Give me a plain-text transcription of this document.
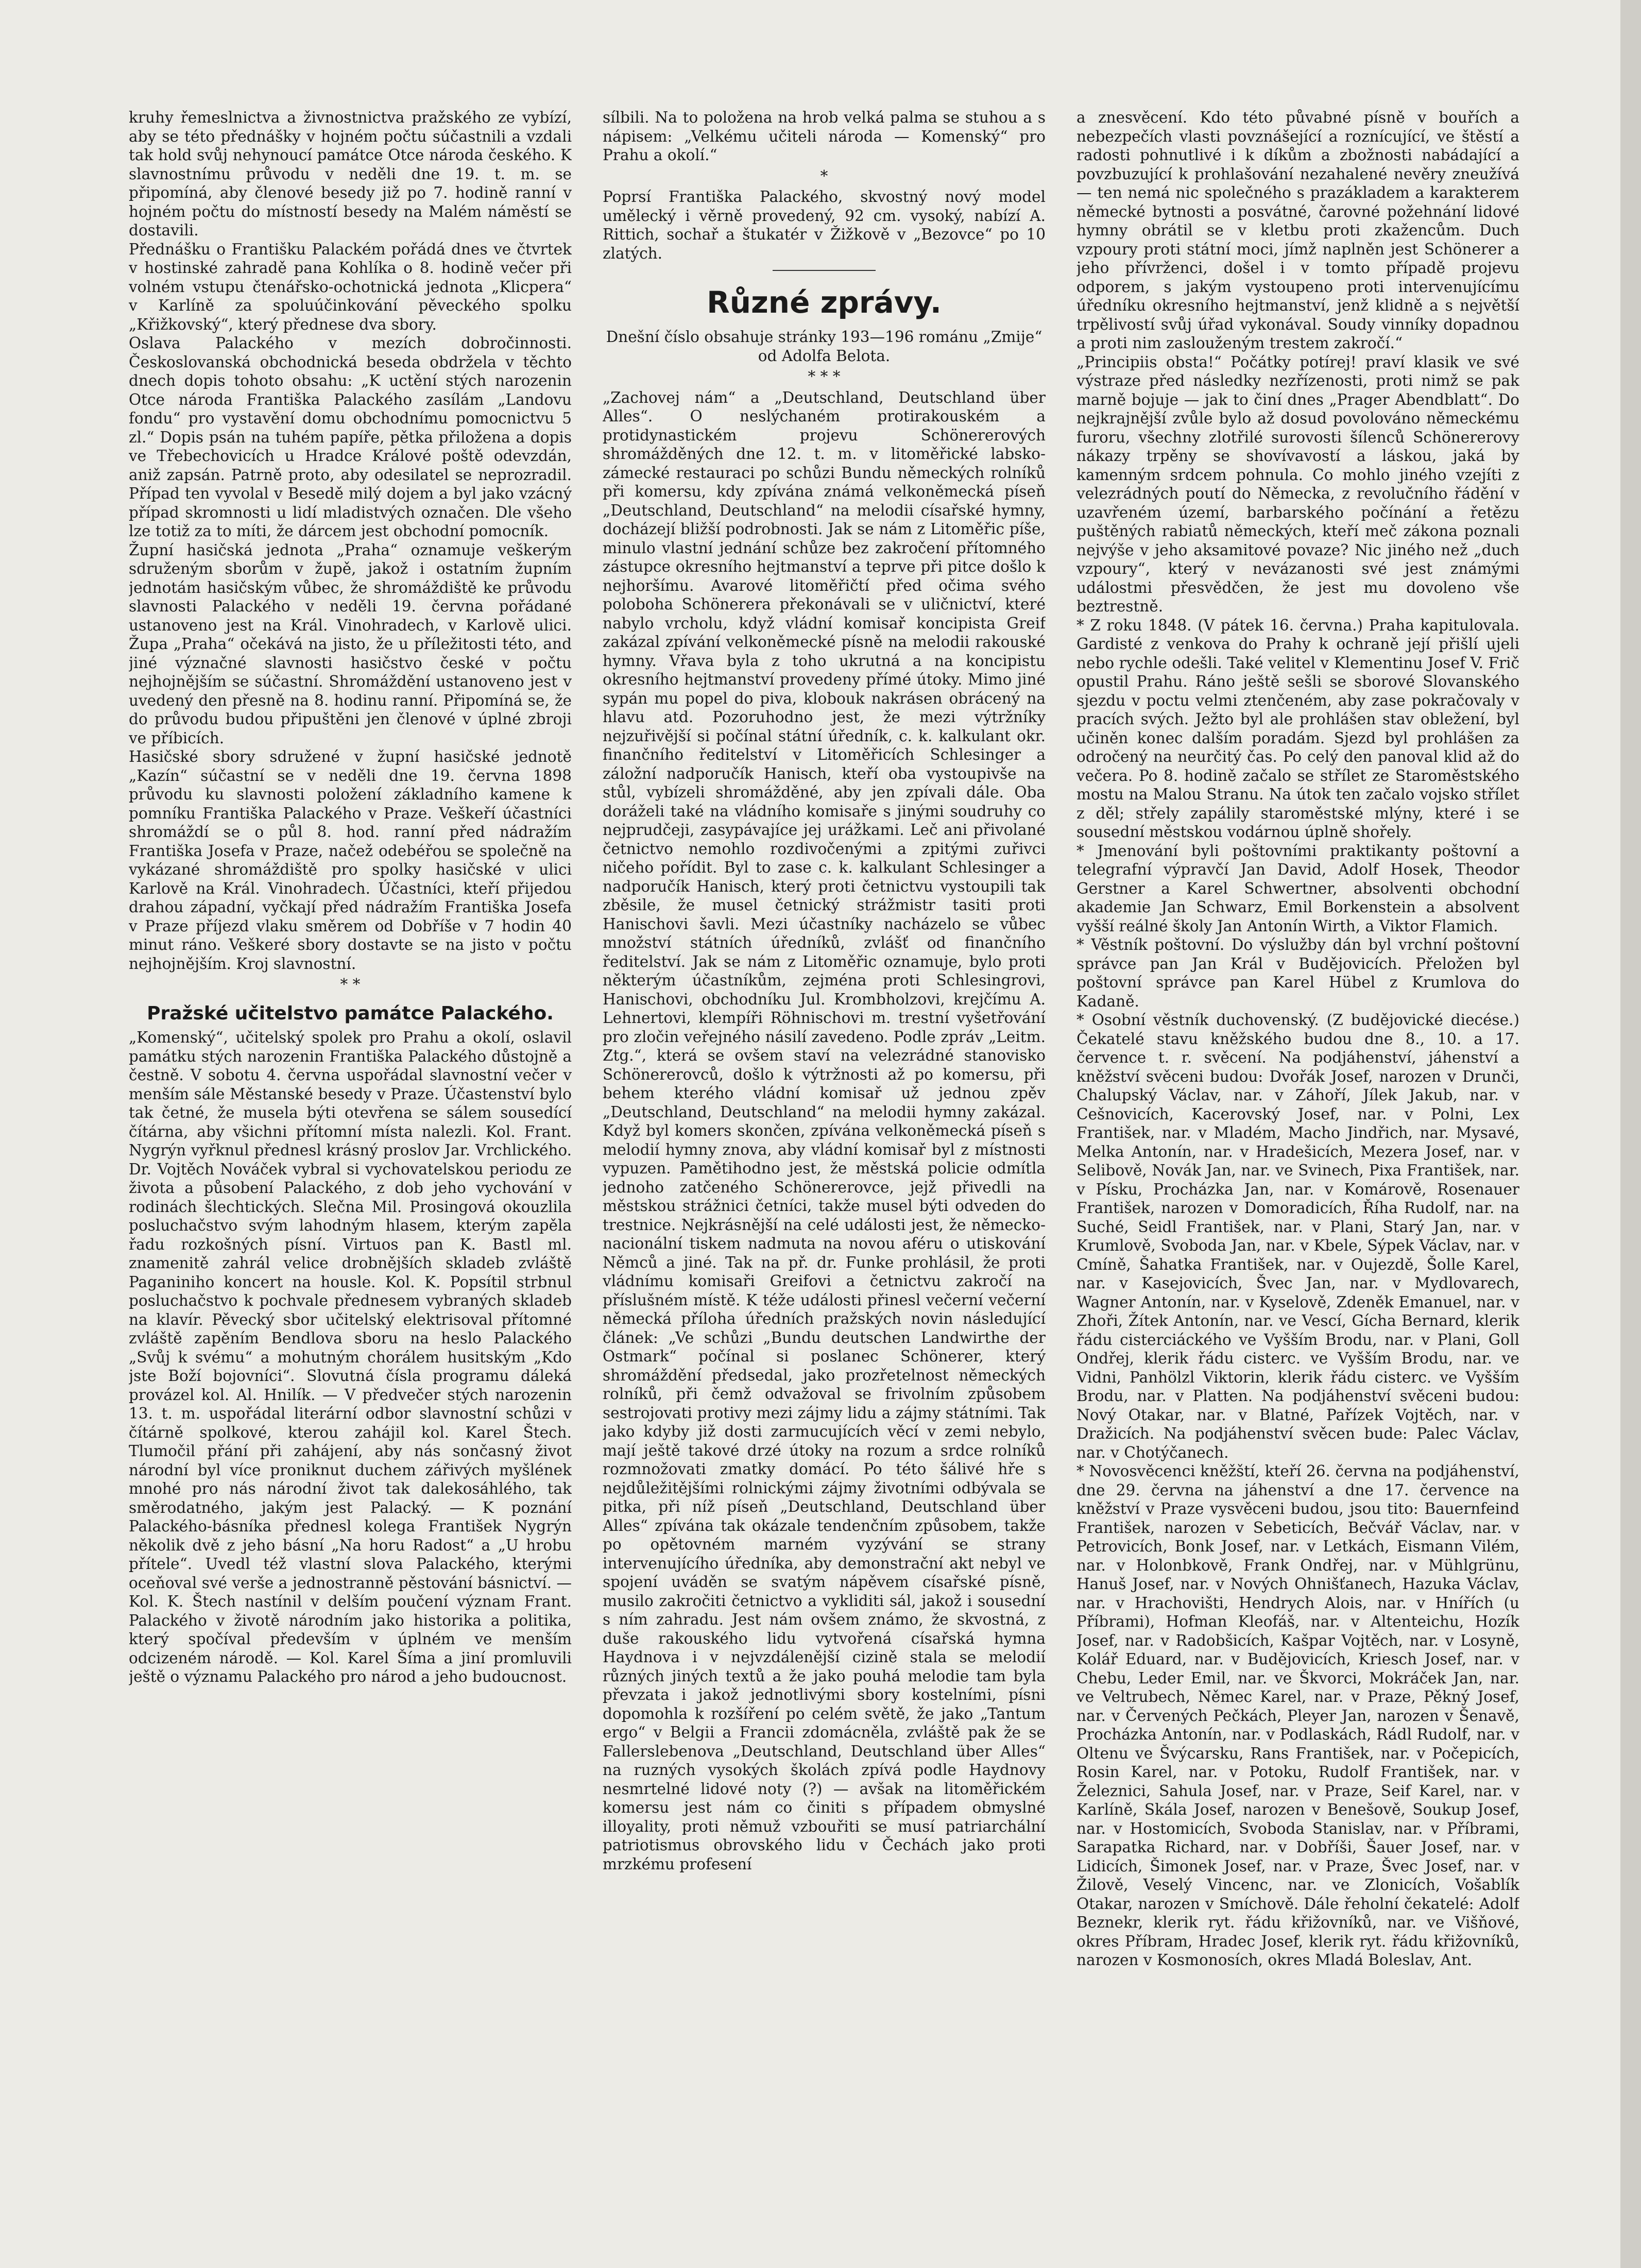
kruhy řemeslnictva a živnostnictva pražského ze vybízí, aby se této přednášky v hojném počtu súčastnili a vzdali tak hold svůj nehynoucí památce Otce národa českého. K slavnostnímu průvodu v neděli dne 19. t. m. se připomíná, aby členové besedy již po 7. hodině ranní v hojném počtu do místností besedy na Malém náměstí se dostavili.

Přednášku o Františku Palackém pořádá dnes ve čtvrtek v hostinské zahradě pana Kohlíka o 8. hodině večer při volném vstupu čtenářsko-ochotnická jednota „Klicpera“ v Karlíně za spoluúčinkování pěveckého spolku „Křižkovský“, který přednese dva sbory.

Oslava Palackého v mezích dobročinnosti. Českoslovanská obchodnická beseda obdržela v těchto dnech dopis tohoto obsahu: „K uctění stých narozenin Otce národa Františka Palackého zasílám „Landovu fondu“ pro vystavění domu obchodnímu pomocnictvu 5 zl.“ Dopis psán na tuhém papíře, pětka přiložena a dopis ve Třebechovicích u Hradce Králové poště odevzdán, aniž zapsán. Patrně proto, aby odesilatel se neprozradil. Případ ten vyvolal v Besedě milý dojem a byl jako vzácný případ skromnosti u lidí mladistvých označen. Dle všeho lze totiž za to míti, že dárcem jest obchodní pomocník.

Župní hasičská jednota „Praha“ oznamuje veškerým sdruženým sborům v župě, jakož i ostatním župním jednotám hasičským vůbec, že shromáždiště ke průvodu slavnosti Palackého v neděli 19. června pořádané ustanoveno jest na Král. Vinohradech, v Karlově ulici. Župa „Praha“ očekává na jisto, že u příležitosti této, and jiné význačné slavnosti hasičstvo české v počtu nejhojnějším se súčastní. Shromáždění ustanoveno jest v uvedený den přesně na 8. hodinu ranní. Připomíná se, že do průvodu budou připuštěni jen členové v úplné zbroji ve příbicích.

Hasičské sbory sdružené v župní hasičské jednotě „Kazín“ súčastní se v neděli dne 19. června 1898 průvodu ku slavnosti položení základního kamene k pomníku Františka Palackého v Praze. Veškeří účastníci shromáždí se o půl 8. hod. ranní před nádražím Františka Josefa v Praze, načež odebéřou se společně na vykázané shromáždiště pro spolky hasičské v ulici Karlově na Král. Vinohradech. Účastníci, kteří přijedou drahou západní, vyčkají před nádražím Františka Josefa v Praze příjezd vlaku směrem od Dobříše v 7 hodin 40 minut ráno. Veškeré sbory dostavte se na jisto v počtu nejhojnějším. Kroj slavnostní.

* *
Pražské učitelstvo památce Palackého.

„Komenský“, učitelský spolek pro Prahu a okolí, oslavil památku stých narozenin Františka Palackého důstojně a čestně. V sobotu 4. června uspořádal slavnostní večer v menším sále Městanské besedy v Praze. Účastenství bylo tak četné, že musela býti otevřena se sálem sousedící čítárna, aby všichni přítomní místa nalezli. Kol. Frant. Nygrýn vyřknul přednesl krásný proslov Jar. Vrchlického. Dr. Vojtěch Nováček vybral si vychovatelskou periodu ze života a působení Palackého, z dob jeho vychování v rodinách šlechtických. Slečna Mil. Prosingová okouzlila posluchačstvo svým lahodným hlasem, kterým zapěla řadu rozkošných písní. Virtuos pan K. Bastl ml. znamenitě zahrál velice drobnějších skladeb zvláště Paganiniho koncert na housle. Kol. K. Popsítil strbnul posluchačstvo k pochvale přednesem vybraných skladeb na klavír. Pěvecký sbor učitelský elektrisoval přítomné zvláště zapěním Bendlova sboru na heslo Palackého „Svůj k svému“ a mohutným chorálem husitským „Kdo jste Boží bojovníci“. Slovutná čísla programu dáleká provázel kol. Al. Hnilík. — V předvečer stých narozenin 13. t. m. uspořádal literární odbor slavnostní schůzi v čítárně spolkové, kterou zahájil kol. Karel Štech. Tlumočil přání při zahájení, aby nás sončasný život národní byl více proniknut duchem zářivých myšlének mnohé pro nás národní život tak dalekosáhlého, tak směrodatného, jakým jest Palacký. — K poznání Palackého-básníka přednesl kolega František Nygrýn několik dvě z jeho básní „Na horu Radost“ a „U hrobu přítele“. Uvedl též vlastní slova Palackého, kterými oceňoval své verše a jednostranně pěstování básnictví. — Kol. K. Štech nastínil v delším poučení význam Frant. Palackého v životě národním jako historika a politika, který spočíval především v úplném ve menším odcizeném národě. — Kol. Karel Šíma a jiní promluvili ještě o významu Palackého pro národ a jeho budoucnost.

sílbili. Na to položena na hrob velká palma se stuhou a s nápisem: „Velkému učiteli národa — Komenský“ pro Prahu a okolí.“

*

Poprsí Františka Palackého, skvostný nový model umělecký i věrně provedený, 92 cm. vysoký, nabízí A. Rittich, sochař a štukatér v Žižkově v „Bezovce“ po 10 zlatých.

Různé zprávy.

Dnešní číslo obsahuje stránky 193—196 románu „Zmije“ od Adolfa Belota.

* * *

„Zachovej nám“ a „Deutschland, Deutschland über Alles“. O neslýchaném protirakouském a protidynastickém projevu Schönererových shromážděných dne 12. t. m. v litoměřické labsko-zámecké restauraci po schůzi Bundu německých rolníků při komersu, kdy zpívána známá velkoněmecká píseň „Deutschland, Deutschland“ na melodii císařské hymny, docházejí bližší podrobnosti. Jak se nám z Litoměřic píše, minulo vlastní jednání schůze bez zakročení přítomného zástupce okresního hejtmanství a teprve při pitce došlo k nejhoršímu. Avarové litoměřičtí před očima svého poloboha Schönerera překonávali se v uličnictví, které nabylo vrcholu, když vládní komisař koncipista Greif zakázal zpívání velkoněmecké písně na melodii rakouské hymny. Vřava byla z toho ukrutná a na koncipistu okresního hejtmanství provedeny přímé útoky. Mimo jiné sypán mu popel do piva, klobouk nakrásen obrácený na hlavu atd. Pozoruhodno jest, že mezi výtržníky nejzuřivější si počínal státní úředník, c. k. kalkulant okr. finančního ředitelství v Litoměřicích Schlesinger a záložní nadporučík Hanisch, kteří oba vystoupivše na stůl, vybízeli shromážděné, aby jen zpívali dále. Oba doráželi také na vládního komisaře s jinými soudruhy co nejprudčeji, zasypávajíce jej urážkami. Leč ani přivolané četnictvo nemohlo rozdivočenými a zpitými zuřivci ničeho pořídit. Byl to zase c. k. kalkulant Schlesinger a nadporučík Hanisch, který proti četnictvu vystoupili tak zběsile, že musel četnický strážmistr tasiti proti Hanischovi šavli. Mezi účastníky nacházelo se vůbec množství státních úředníků, zvlášť od finančního ředitelství. Jak se nám z Litoměřic oznamuje, bylo proti některým účastníkům, zejména proti Schlesingrovi, Hanischovi, obchodníku Jul. Krombholzovi, krejčímu A. Lehnertovi, klempíři Röhnischovi m. trestní vyšetřování pro zločin veřejného násilí zavedeno. Podle zpráv „Leitm. Ztg.“, která se ovšem staví na velezrádné stanovisko Schönererovců, došlo k výtržnosti až po komersu, při behem kterého vládní komisař už jednou zpěv „Deutschland, Deutschland“ na melodii hymny zakázal. Když byl komers skončen, zpívána velkoněmecká píseň s melodií hymny znova, aby vládní komisař byl z místnosti vypuzen. Pamětihodno jest, že městská policie odmítla jednoho zatčeného Schönererovce, jejž přivedli na městskou strážnici četníci, takže musel býti odveden do trestnice. Nejkrásnější na celé události jest, že německo-nacionální tiskem nadmuta na novou aféru o utiskování Němců a jiné. Tak na př. dr. Funke prohlásil, že proti vládnímu komisaři Greifovi a četnictvu zakročí na příslušném místě. K téže události přinesl večerní večerní německá příloha úředních pražských novin následující článek: „Ve schůzi „Bundu deutschen Landwirthe der Ostmark“ počínal si poslanec Schönerer, který shromáždění předsedal, jako prozřetelnost německých rolníků, při čemž odvažoval se frivolním způsobem sestrojovati protivy mezi zájmy lidu a zájmy státními. Tak jako kdyby již dosti zarmucujících věcí v zemi nebylo, mají ještě takové drzé útoky na rozum a srdce rolníků rozmnožovati zmatky domácí. Po této šálivé hře s nejdůležitějšími rolnickými zájmy životními odbývala se pitka, při níž píseň „Deutschland, Deutschland über Alles“ zpívána tak okázale tendenčním způsobem, takže po opětovném marném vyzývání se strany intervenujícího úředníka, aby demonstrační akt nebyl ve spojení uváděn se svatým nápěvem císařské písně, musilo zakročiti četnictvo a vykliditi sál, jakož i sousední s ním zahradu. Jest nám ovšem známo, že skvostná, z duše rakouského lidu vytvořená císařská hymna Haydnova i v nejvzdálenější cizině stala se melodií různých jiných textů a že jako pouhá melodie tam byla převzata i jakož jednotlivými sbory kostelními, písni dopomohla k rozšíření po celém světě, že jako „Tantum ergo“ v Belgii a Francii zdomácněla, zvláště pak že se Fallerslebenova „Deutschland, Deutschland über Alles“ na ruzných vysokých školách zpívá podle Haydnovy nesmrtelné lidové noty (?) — avšak na litoměřickém komersu jest nám co činiti s případem obmyslné illoyality, proti němuž vzbouřiti se musí patriarchální patriotismus obrovského lidu v Čechách jako proti mrzkému profesení

a znesvěcení. Kdo této půvabné písně v bouřích a nebezpečích vlasti povznášející a roznícující, ve štěstí a radosti pohnutlivé i k díkům a zbožnosti nabádající a povzbuzující k prohlašování nezahalené nevěry zneužívá — ten nemá nic společného s prazákladem a karakterem německé bytnosti a posvátné, čarovné požehnání lidové hymny obrátil se v kletbu proti zkažencům. Duch vzpoury proti státní moci, jímž naplněn jest Schönerer a jeho přívrženci, došel i v tomto případě projevu odporem, s jakým vystoupeno proti intervenujícímu úředníku okresního hejtmanství, jenž klidně a s největší trpělivostí svůj úřad vykonával. Soudy vinníky dopadnou a proti nim zaslouženým trestem zakročí.“

„Principiis obsta!“ Počátky potírej! praví klasik ve své výstraze před následky nezřízenosti, proti nimž se pak marně bojuje — jak to činí dnes „Prager Abendblatt“. Do nejkrajnější zvůle bylo až dosud povolováno německému furoru, všechny zlotřilé surovosti šílenců Schönererovy nákazy trpěny se shovívavostí a láskou, jaká by kamenným srdcem pohnula. Co mohlo jiného vzejíti z velezrádných poutí do Německa, z revolučního řádění v uzavřeném území, barbarského počínání a řetězu puštěných rabiatů německých, kteří meč zákona poznali nejvýše v jeho aksamitové povaze? Nic jiného než „duch vzpoury“, který v nevázanosti své jest známými událostmi přesvědčen, že jest mu dovoleno vše beztrestně.

* Z roku 1848. (V pátek 16. června.) Praha kapitulovala. Gardisté z venkova do Prahy k ochraně její přišlí ujeli nebo rychle odešli. Také velitel v Klementinu Josef V. Frič opustil Prahu. Ráno ještě sešli se sborové Slovanského sjezdu v poctu velmi ztenčeném, aby zase pokračovaly v pracích svých. Ježto byl ale prohlášen stav obležení, byl učiněn konec dalším poradám. Sjezd byl prohlášen za odročený na neurčitý čas. Po celý den panoval klid až do večera. Po 8. hodině začalo se střílet ze Staroměstského mostu na Malou Stranu. Na útok ten začalo vojsko střílet z děl; střely zapálily staroměstské mlýny, které i se sousední městskou vodárnou úplně shořely.

* Jmenování byli poštovními praktikanty poštovní a telegrafní výpravčí Jan David, Adolf Hosek, Theodor Gerstner a Karel Schwertner, absolventi obchodní akademie Jan Schwarz, Emil Borkenstein a absolvent vyšší reálné školy Jan Antonín Wirth, a Viktor Flamich.

* Věstník poštovní. Do výslužby dán byl vrchní poštovní správce pan Jan Král v Budějovicích. Přeložen byl poštovní správce pan Karel Hübel z Krumlova do Kadaně.

* Osobní věstník duchovenský. (Z budějovické diecése.) Čekatelé stavu kněžského budou dne 8., 10. a 17. července t. r. svěcení. Na podjáhenství, jáhenství a kněžství svěceni budou: Dvořák Josef, narozen v Drunči, Chalupský Václav, nar. v Záhoří, Jílek Jakub, nar. v Cešnovicích, Kacerovský Josef, nar. v Polni, Lex František, nar. v Mladém, Macho Jindřich, nar. Mysavé, Melka Antonín, nar. v Hradešicích, Mezera Josef, nar. v Selibově, Novák Jan, nar. ve Svinech, Pixa František, nar. v Písku, Procházka Jan, nar. v Komárově, Rosenauer František, narozen v Domoradicích, Říha Rudolf, nar. na Suché, Seidl František, nar. v Plani, Starý Jan, nar. v Krumlově, Svoboda Jan, nar. v Kbele, Sýpek Václav, nar. v Cmíně, Šahatka František, nar. v Oujezdě, Šolle Karel, nar. v Kasejovicích, Švec Jan, nar. v Mydlovarech, Wagner Antonín, nar. v Kyselově, Zdeněk Emanuel, nar. v Zhoři, Žítek Antonín, nar. ve Vescí, Gícha Bernard, klerik řádu cisterciáckého ve Vyšším Brodu, nar. v Plani, Goll Ondřej, klerik řádu cisterc. ve Vyšším Brodu, nar. ve Vidni, Panhölzl Viktorin, klerik řádu cisterc. ve Vyšším Brodu, nar. v Platten. Na podjáhenství svěceni budou: Nový Otakar, nar. v Blatné, Pařízek Vojtěch, nar. v Dražicích. Na podjáhenství svěcen bude: Palec Václav, nar. v Chotýčanech.

* Novosvěcenci kněžští, kteří 26. června na podjáhenství, dne 29. června na jáhenství a dne 17. července na kněžství v Praze vysvěceni budou, jsou tito: Bauernfeind František, narozen v Sebeticích, Bečvář Václav, nar. v Petrovicích, Bonk Josef, nar. v Letkách, Eismann Vilém, nar. v Holonbkově, Frank Ondřej, nar. v Mühlgrünu, Hanuš Josef, nar. v Nových Ohnišťanech, Hazuka Václav, nar. v Hrachovišti, Hendrych Alois, nar. v Hnířích (u Příbrami), Hofman Kleofáš, nar. v Altenteichu, Hozík Josef, nar. v Radobšicích, Kašpar Vojtěch, nar. v Losyně, Kolář Eduard, nar. v Budějovicích, Kriesch Josef, nar. v Chebu, Leder Emil, nar. ve Škvorci, Mokráček Jan, nar. ve Veltrubech, Němec Karel, nar. v Praze, Pěkný Josef, nar. v Červených Pečkách, Pleyer Jan, narozen v Šenavě, Procházka Antonín, nar. v Podlaskách, Rádl Rudolf, nar. v Oltenu ve Švýcarsku, Rans František, nar. v Počepicích, Rosin Karel, nar. v Potoku, Rudolf František, nar. v Železnici, Sahula Josef, nar. v Praze, Seif Karel, nar. v Karlíně, Skála Josef, narozen v Benešově, Soukup Josef, nar. v Hostomicích, Svoboda Stanislav, nar. v Příbrami, Sarapatka Richard, nar. v Dobříši, Šauer Josef, nar. v Lidicích, Šimonek Josef, nar. v Praze, Švec Josef, nar. v Žilově, Veselý Vincenc, nar. ve Zlonicích, Vošablík Otakar, narozen v Smíchově. Dále řeholní čekatelé: Adolf Beznekr, klerik ryt. řádu křižovníků, nar. ve Višňové, okres Příbram, Hradec Josef, klerik ryt. řádu křižovníků, narozen v Kosmonosích, okres Mladá Boleslav, Ant.
